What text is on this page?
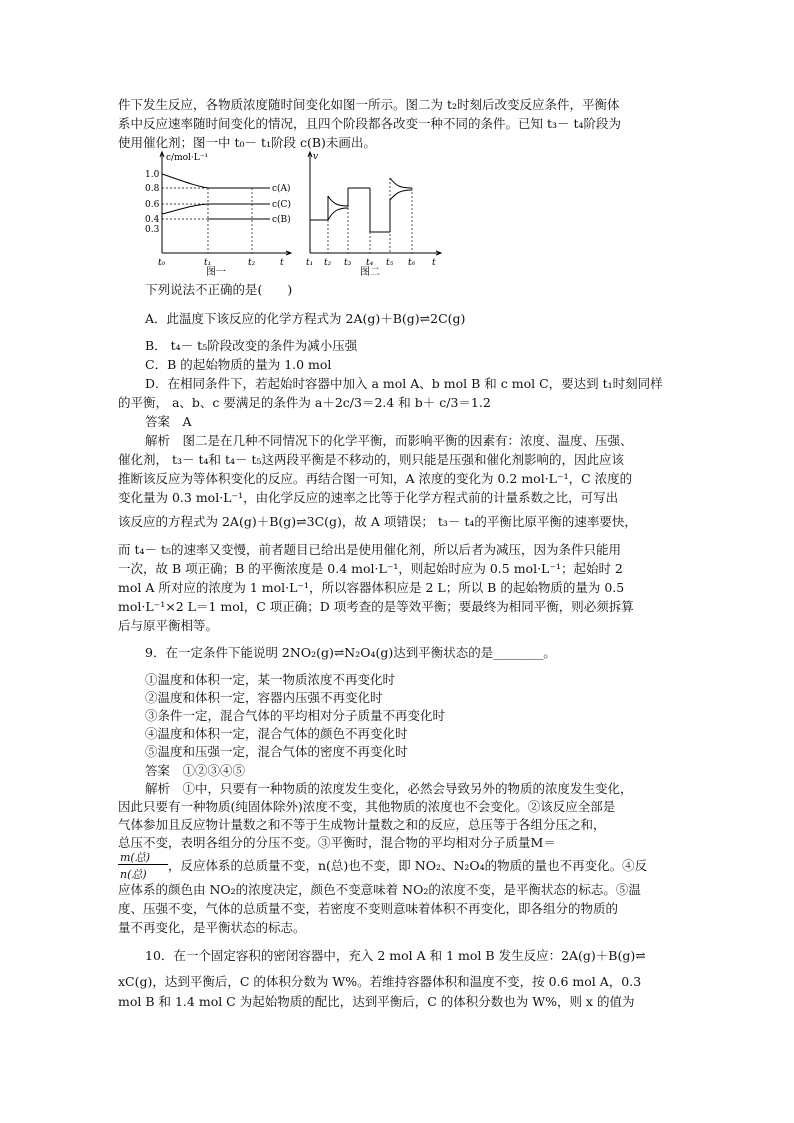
件下发生反应，各物质浓度随时间变化如图一所示。图二为 t₂时刻后改变反应条件，平衡体

系中反应速率随时间变化的情况，且四个阶段都各改变一种不同的条件。已知 t₃－ t₄阶段为

使用催化剂；图一中 t₀－ t₁阶段 c(B)未画出。

c/mol·L⁻¹
1.0
0.8
0.6
0.4
0.3
t₀	t₁	t₂	t
c(A)
c(C)
c(B)
图一
v
t₁ t₂ t₃ t₄ t₅ t₆ t
图二

下列说法不正确的是(　　)

A．此温度下该反应的化学方程式为 2A(g)＋B(g)⇌2C(g)

B． t₄－ t₅阶段改变的条件为减小压强

C．B 的起始物质的量为 1.0 mol

D．在相同条件下，若起始时容器中加入 a mol A、b mol B 和 c mol C，要达到 t₁时刻同样

的平衡， a、b、c 要满足的条件为 a＋2c/3＝2.4 和 b＋ c/3＝1.2

答案　A

解析　图二是在几种不同情况下的化学平衡，而影响平衡的因素有：浓度、温度、压强、

催化剂， t₃－ t₄和 t₄－ t₅这两段平衡是不移动的，则只能是压强和催化剂影响的，因此应该

推断该反应为等体积变化的反应。再结合图一可知，A 浓度的变化为 0.2 mol·L⁻¹，C 浓度的

变化量为 0.3 mol·L⁻¹，由化学反应的速率之比等于化学方程式前的计量系数之比，可写出

该反应的方程式为 2A(g)＋B(g)⇌3C(g)，故 A 项错误； t₃－ t₄的平衡比原平衡的速率要快，

而 t₄－ t₅的速率又变慢，前者题目已给出是使用催化剂，所以后者为减压，因为条件只能用

一次，故 B 项正确；B 的平衡浓度是 0.4 mol·L⁻¹，则起始时应为 0.5 mol·L⁻¹；起始时 2

mol A 所对应的浓度为 1 mol·L⁻¹，所以容器体积应是 2 L；所以 B 的起始物质的量为 0.5

mol·L⁻¹×2 L＝1 mol，C 项正确；D 项考查的是等效平衡；要最终为相同平衡，则必须拆算

后与原平衡相等。

9．在一定条件下能说明 2NO₂(g)⇌N₂O₄(g)达到平衡状态的是________。

①温度和体积一定，某一物质浓度不再变化时

②温度和体积一定，容器内压强不再变化时

③条件一定，混合气体的平均相对分子质量不再变化时

④温度和体积一定，混合气体的颜色不再变化时

⑤温度和压强一定，混合气体的密度不再变化时

答案　①②③④⑤

解析　①中，只要有一种物质的浓度发生变化，必然会导致另外的物质的浓度发生变化，

因此只要有一种物质(纯固体除外)浓度不变，其他物质的浓度也不会变化。②该反应全部是

气体参加且反应物计量数之和不等于生成物计量数之和的反应，总压等于各组分压之和，

总压不变，表明各组分的分压不变。③平衡时，混合物的平均相对分子质量M＝

m(总)
n(总)

，反应体系的总质量不变，n(总)也不变，即 NO₂、N₂O₄的物质的量也不再变化。④反

应体系的颜色由 NO₂的浓度决定，颜色不变意味着 NO₂的浓度不变，是平衡状态的标志。⑤温

度、压强不变，气体的总质量不变，若密度不变则意味着体积不再变化，即各组分的物质的

量不再变化，是平衡状态的标志。

10．在一个固定容积的密闭容器中，充入 2 mol A 和 1 mol B 发生反应：2A(g)＋B(g)⇌

xC(g)，达到平衡后，C 的体积分数为 W%。若维持容器体积和温度不变，按 0.6 mol A，0.3

mol B 和 1.4 mol C 为起始物质的配比，达到平衡后，C 的体积分数也为 W%，则 x 的值为
